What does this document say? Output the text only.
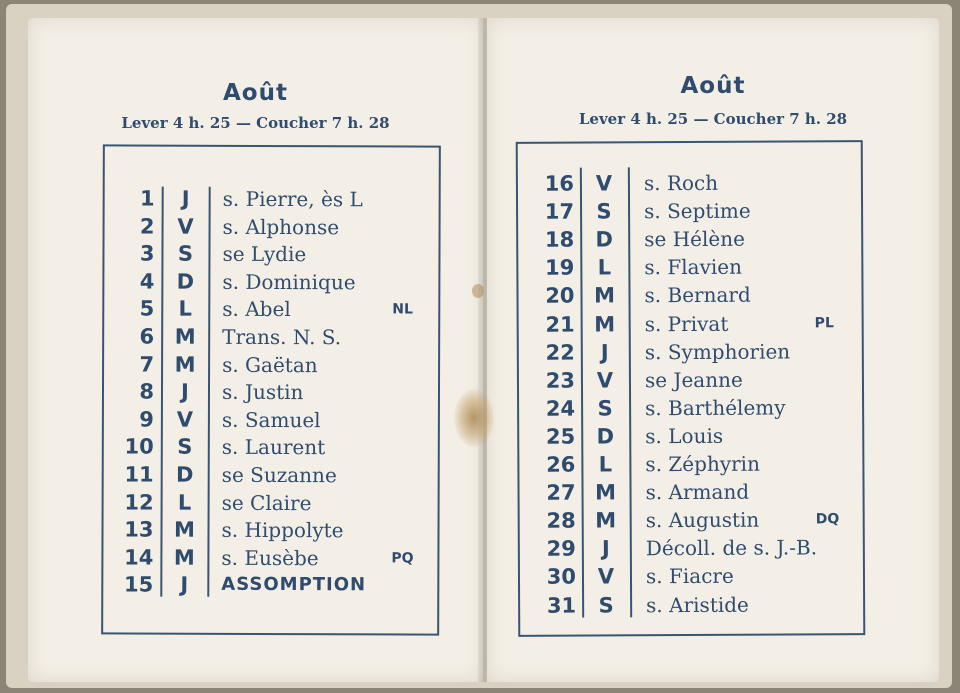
Août
Lever 4 h. 25 — Coucher 7 h. 28
1	J	s. Pierre, ès L
2	V	s. Alphonse
3	S	se Lydie
4	D	s. Dominique
5	L	s. Abel	NL
6 M	Trans. N. S.
7 M	s. Gaëtan
8	J	s. Justin
9	V	s. Samuel
10	S	s. Laurent
11	D	se Suzanne
12	L	se Claire
13 M	s. Hippolyte
14 M	s. Eusèbe	PQ
15	J	ASSOMPTION
Août
Lever 4 h. 25 — Coucher 7 h. 28
16	V	s. Roch
17	S	s. Septime
18	D	se Hélène
19	L	s. Flavien
20 M	s. Bernard
21 M	s. Privat	PL
22	J	s. Symphorien
23	V	se Jeanne
24	S	s. Barthélemy
25	D	s. Louis
26	L	s. Zéphyrin
27 M	s. Armand
28 M	s. Augustin	DQ
29	J	Décoll. de s. J.-B.
30	V	s. Fiacre
31	S	s. Aristide
